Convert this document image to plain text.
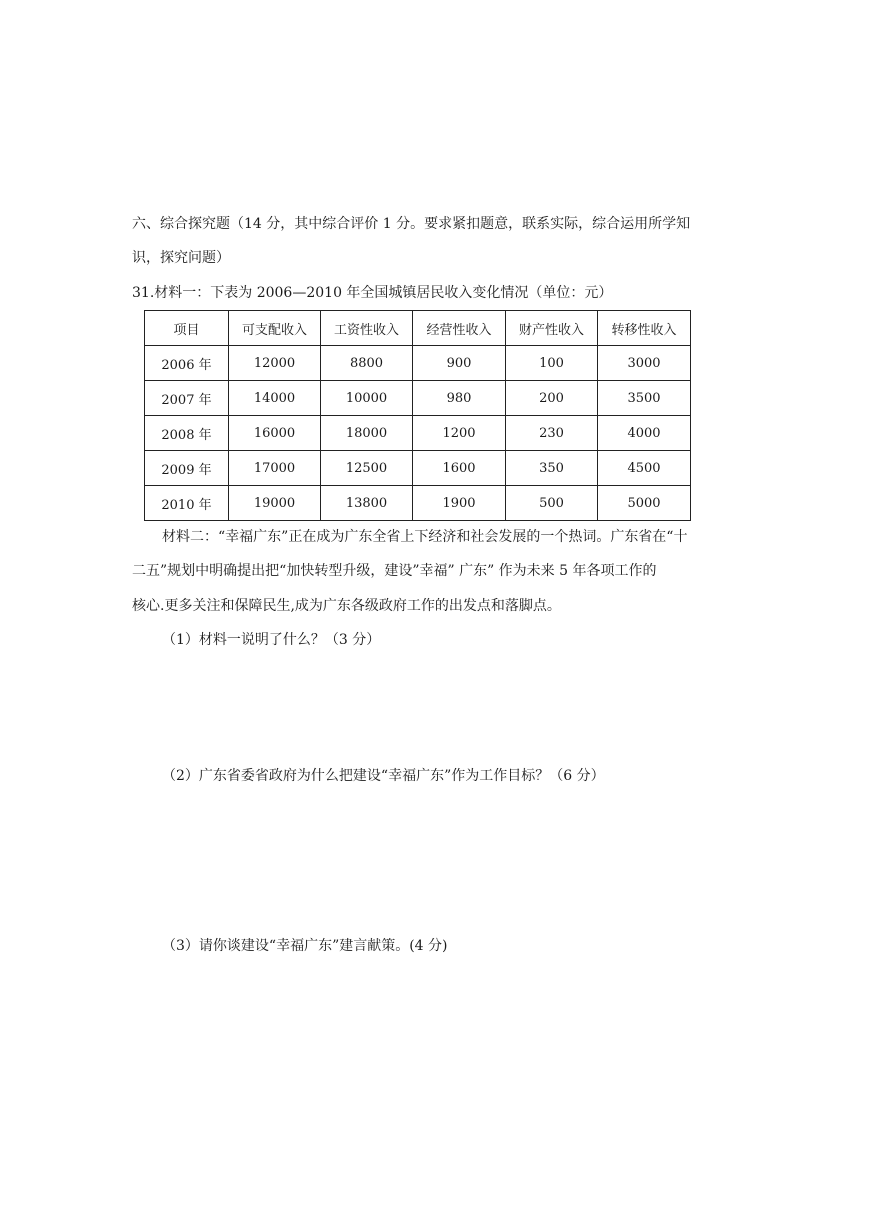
六、综合探究题（14 分，其中综合评价 1 分。要求紧扣题意，联系实际，综合运用所学知

识，探究问题）

31.材料一：下表为 2006—2010 年全国城镇居民收入变化情况（单位：元）

项目	可支配收入	工资性收入	经营性收入	财产性收入	转移性收入
2006 年	12000	8800	900	100	3000
2007 年	14000	10000	980	200	3500
2008 年	16000	18000	1200	230	4000
2009 年	17000	12500	1600	350	4500
2010 年	19000	13800	1900	500	5000

材料二：“幸福广东”正在成为广东全省上下经济和社会发展的一个热词。广东省在“十

二五”规划中明确提出把“加快转型升级，建设”幸福” 广东” 作为未来 5 年各项工作的

核心.更多关注和保障民生,成为广东各级政府工作的出发点和落脚点。

（1）材料一说明了什么？（3 分）

（2）广东省委省政府为什么把建设“幸福广东”作为工作目标？（6 分）

（3）请你谈建设“幸福广东”建言献策。(4 分)
